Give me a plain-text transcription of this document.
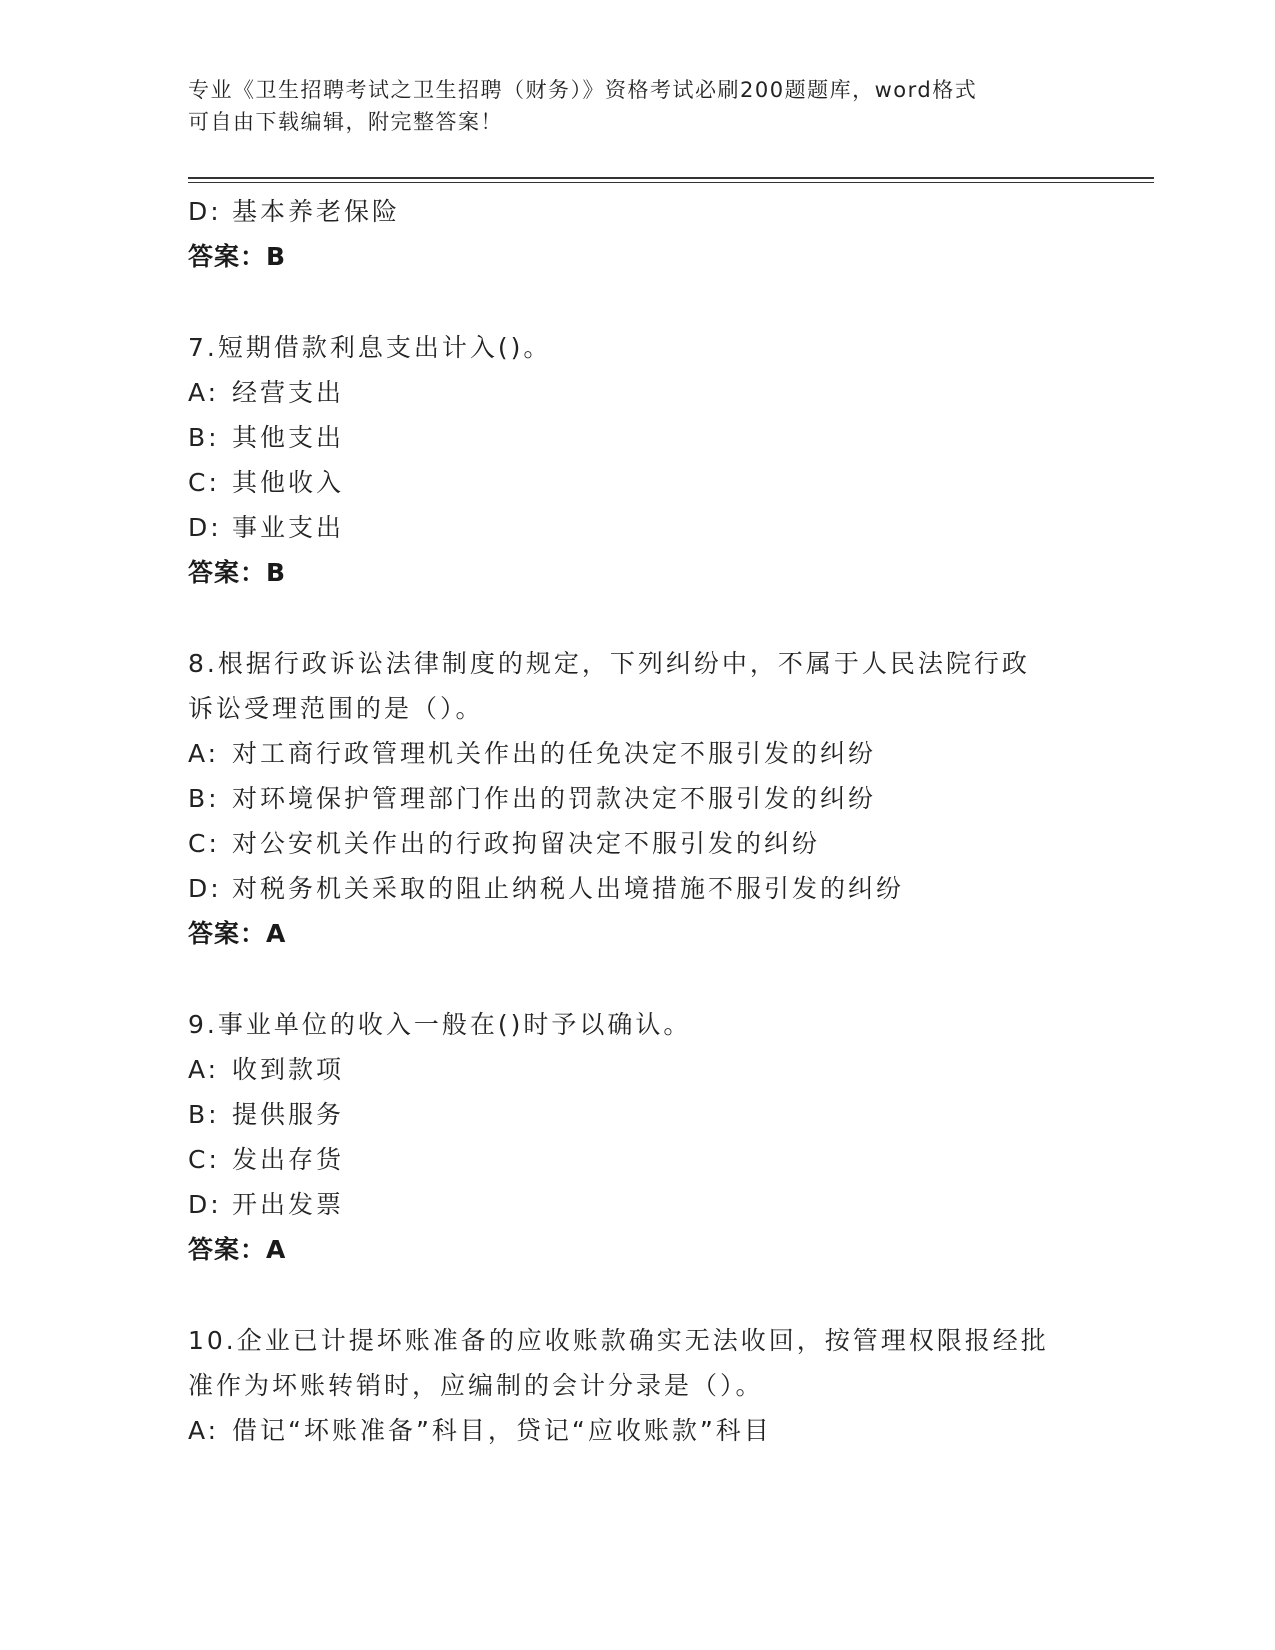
专业《卫生招聘考试之卫生招聘（财务）》资格考试必刷200题题库，word格式
可自由下载编辑，附完整答案！
D: 基本养老保险
答案：B
7.短期借款利息支出计入()。
A: 经营支出
B: 其他支出
C: 其他收入
D: 事业支出
答案：B
8.根据行政诉讼法律制度的规定，下列纠纷中，不属于人民法院行政
诉讼受理范围的是（）。
A: 对工商行政管理机关作出的任免决定不服引发的纠纷
B: 对环境保护管理部门作出的罚款决定不服引发的纠纷
C: 对公安机关作出的行政拘留决定不服引发的纠纷
D: 对税务机关采取的阻止纳税人出境措施不服引发的纠纷
答案：A
9.事业单位的收入一般在()时予以确认。
A: 收到款项
B: 提供服务
C: 发出存货
D: 开出发票
答案：A
10.企业已计提坏账准备的应收账款确实无法收回，按管理权限报经批
准作为坏账转销时，应编制的会计分录是（）。
A: 借记“坏账准备”科目，贷记“应收账款”科目
